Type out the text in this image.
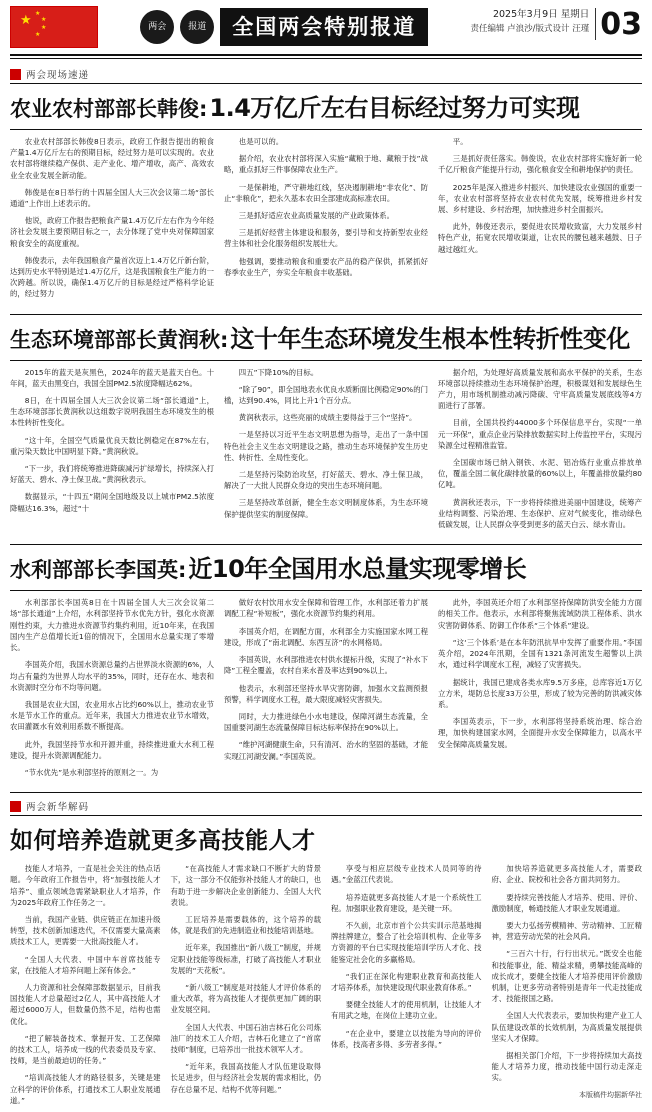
★ ★
★
★
★
两会	报道	全国两会特别报道
2025年3月9日 星期日
责任编辑 卢浪沙/版式设计 汪瑾 03
两会现场速递
农业农村部部长韩俊: 1.4万亿斤左右目标经过努力可实现

农业农村部部长韩俊8日表示，政府工作报告提出的粮食产量1.4万亿斤左右的预期目标，经过努力是可以实现的。农业农村部将继续稳产保供、走产业化、增产增收，高产、高效农业全农业发展全新动能。

韩俊是在8日举行的十四届全国人大三次会议第二场“部长通道”上作出上述表示的。

他说，政府工作报告把粮食产量1.4万亿斤左右作为今年经济社会发展主要预期目标之一，去分体现了党中央对保障国家粮食安全的高度重视。

韩俊表示，去年我国粮食产量首次迈上1.4万亿斤新台阶，达到历史水平特别是过1.4万亿斤，这是我国粮食生产能力的一次跨越。所以说，确保1.4万亿斤的目标是经过严格科学论证的，经过努力

也是可以的。

据介绍，农业农村部将深入实施“藏粮于地、藏粮于技”战略，重点抓好三件事保障农业生产。

一是保耕地，严守耕地红线，坚决遏制耕地“非农化”、防止“非粮化”，把永久基本农田全部建成高标准农田。

三是抓好适应农业高质量发展的产业政策体系。

三是抓好经营主体建设和服务，要引导和支持新型农业经营主体和社会化服务组织发展壮大。

他强调，要推动粮食和重要农产品的稳产保供，抓紧抓好春季农业生产，夯实全年粮食丰收基础。

平。

三是抓好责任落实。韩俊说，农业农村部将实施好新一轮千亿斤粮食产能提升行动，强化粮食安全和耕地保护的责任。

2025年是深入推进乡村振兴、加快建设农业强国的重要一年，农业农村部将坚持农业农村优先发展，统筹推进乡村发展、乡村建设、乡村治理，加快推进乡村全面振兴。

此外，韩俊还表示，要促进农民增收致富，大力发展乡村特色产业，拓宽农民增收渠道，让农民的腰包越来越鼓、日子越过越红火。

生态环境部部长黄润秋: 这十年生态环境发生根本性转折性变化

2015年的蓝天是灰黑色，2024年的蓝天是蓝天白色。十年间，蓝天由黑变白，我国全国PM2.5浓度降幅达62%。

8日，在十四届全国人大三次会议第二场“部长通道”上，生态环境部部长黄润秋以这组数字说明我国生态环境发生的根本性转折性变化。

“这十年，全国空气质量优良天数比例稳定在87%左右，重污染天数比中国明显下降。”黄润秋说。

“下一步，我们将统筹推进降碳减污扩绿增长，持续深入打好蓝天、碧水、净土保卫战。”黄润秋表示。

数据显示，“十四五”期间全国地级及以上城市PM2.5浓度降幅达16.3%，超过“十

四五”下降10%的目标。

“除了90”，即全国地表水优良水质断面比例稳定90%的门槛，达到90.4%，同比上升1个百分点。

黄润秋表示，这些亮丽的成绩主要得益于三个“坚持”。

一是坚持以习近平生态文明思想为指导，走出了一条中国特色社会主义生态文明建设之路，推动生态环境保护发生历史性、转折性、全局性变化。

二是坚持污染防治攻坚，打好蓝天、碧水、净土保卫战，解决了一大批人民群众身边的突出生态环境问题。

三是坚持改革创新，健全生态文明制度体系，为生态环境保护提供坚实的制度保障。

据介绍，为处理好高质量发展和高水平保护的关系，生态环境部以持续推动生态环境保护治理，积极谋划和发展绿色生产力，用市场机制推动减污降碳、守牢高质量发展底线等4方面进行了部署。

目前，全国共投约44000多个环保信息平台，实现“一单元一环保”，重点企业污染排放数据实时上传监控平台，实现污染源全过程精准监管。

全国碳市场已纳入钢铁、水泥、铝冶炼行业重点排放单位，覆盖全国二氧化碳排放量的60%以上，年覆盖排放量约80亿吨。

黄润秋还表示，下一步将持续推进美丽中国建设，统筹产业结构调整、污染治理、生态保护、应对气候变化，推动绿色低碳发展，让人民群众享受到更多的蓝天白云、绿水青山。

水利部部长李国英: 近10年全国用水总量实现零增长

水利部部长李国英8日在十四届全国人大三次会议第二场“部长通道”上介绍，水利部坚持节水优先方针，强化水资源刚性约束，大力推进水资源节约集约利用，近10年来，在我国国内生产总值增长近1倍的情况下，全国用水总量实现了零增长。

李国英介绍，我国水资源总量约占世界淡水资源的6%，人均占有量约为世界人均水平的35%，同时，还存在水、地表和水资源时空分布不均等问题。

我国是农业大国，农业用水占比约60%以上，推动农业节水是节水工作的重点。近年来，我国大力推进农业节水增效，农田灌溉水有效利用系数不断提高。

此外，我国坚持节水和开源并重，持续推进重大水利工程建设，提升水资源调配能力。

“节水优先”是水利部坚持的原则之一。为

做好农村饮用水安全保障和管理工作，水利部还着力扩展调配工程“补短板”，强化水资源节约集约利用。

李国英介绍，在调配方面，水利部全力实施国家水网工程建设，形成了“南北调配、东西互济”的水网格局。

李国英说，水利部推进农村供水提标升级，实现了“补水下降”工程全覆盖，农村自来水普及率达到90%以上。

他表示，水利部还坚持水旱灾害防御，加强水文监测预报预警，科学调度水工程，最大限度减轻灾害损失。

同时，大力推进绿色小水电建设，保障河湖生态流量，全国重要河湖生态流量保障目标达标率保持在90%以上。

“维护河湖健康生命，只有清河、治水的坚固的基础，才能实现江河湖安澜。”李国英说。

此外，李国英还介绍了水利部坚持保障防洪安全能力方面的相关工作。他表示，水利部将聚焦流域防洪工程体系、洪水灾害防御体系、防御工作体系“三个体系”建设。

“这‘三个体系’是在本年防汛抗旱中发挥了重要作用。”李国英介绍，2024年汛期，全国有1321条河流发生超警以上洪水，通过科学调度水工程，减轻了灾害损失。

据统计，我国已建成各类水库9.5万多座，总库容近1万亿立方米，堤防总长度33万公里，形成了较为完善的防洪减灾体系。

李国英表示，下一步，水利部将坚持系统治理、综合治理，加快构建国家水网，全面提升水安全保障能力，以高水平安全保障高质量发展。

两会新华解码
如何培养造就更多高技能人才

技能人才培养，一直是社会关注的热点话题。今年政府工作报告中，将“加强技能人才培养”、重点领域急需紧缺职业人才培养，作为2025年政府工作任务之一。

当前，我国产业链、供应链正在加速升级转型，技术创新加速迭代，不仅需要大量高素质技术工人，更需要一大批高技能人才。

“全国人大代表、中国中车首席技能专家，在技能人才培养问题上深有体会。”

人力资源和社会保障部数据显示，目前我国技能人才总量超过2亿人，其中高技能人才超过6000万人，但数量仍然不足，结构也需优化。

“把了解装备技术、掌握开发、工艺保障的技术工人，培养成一线的代表委员及专家、技师，是当前最迫切的任务。”

“培训高技能人才的路径很多，关键是建立科学的评价体系，打通技术工人职业发展通道。”

“在高技能人才需求缺口不断扩大的背景下，这一部分不仅能弥补技能人才的缺口，也有助于进一步解决企业创新能力、全国人大代表说。

工匠培养是需要载体的，这个培养的载体，就是我们的先进制造业和技能培训基地。

近年来，我国推出“新八级工”制度，并规定职业技能等级标准，打破了高技能人才职业发展的“天花板”。

“新八级工”制度是对技能人才评价体系的重大改革，将为高技能人才提供更加广阔的职业发展空间。

全国人大代表、中国石油吉林石化公司炼油厂的技术工人介绍，吉林石化建立了“首席技师”制度，已培养出一批技术领军人才。

“近年来，我国高技能人才队伍建设取得长足进步，但与经济社会发展的需求相比，仍存在总量不足、结构不优等问题。”

享受与相应层级专业技术人员同等的待遇。”金蓝江代表说。

培养造就更多高技能人才是一个系统性工程。加强职业教育建设，是关键一环。

不久前，北京市首个公共实训示范基地揭牌挂牌建立，整合了社会培训机构、企业等多方资源的平台已实现技能培训学历人才化、技能鉴定社会化的多赢格局。

“我们正在深化构建职业教育和高技能人才培养体系，加快建设现代职业教育体系。”

要健全技能人才的使用机制，让技能人才有用武之地，在岗位上建功立业。

“在企业中，要建立以技能为导向的评价体系，技高者多得、多劳者多得。”

加快培养造就更多高技能人才，需要政府、企业、院校和社会各方面共同努力。

要持续完善技能人才培养、使用、评价、激励制度，畅通技能人才职业发展通道。

要大力弘扬劳模精神、劳动精神、工匠精神，营造劳动光荣的社会风尚。

“三百六十行，行行出状元。”既安全也能和技能事业，能、精益求精，勇攀技能高峰的成长成才，要健全技能人才培养使用评价激励机制，让更多劳动者特别是青年一代走技能成才、技能报国之路。

全国人大代表表示，要加快构建产业工人队伍建设改革的长效机制，为高质量发展提供坚实人才保障。

据相关部门介绍，下一步将持续加大高技能人才培养力度，推动技能中国行动走深走实。

本版稿件均据新华社
